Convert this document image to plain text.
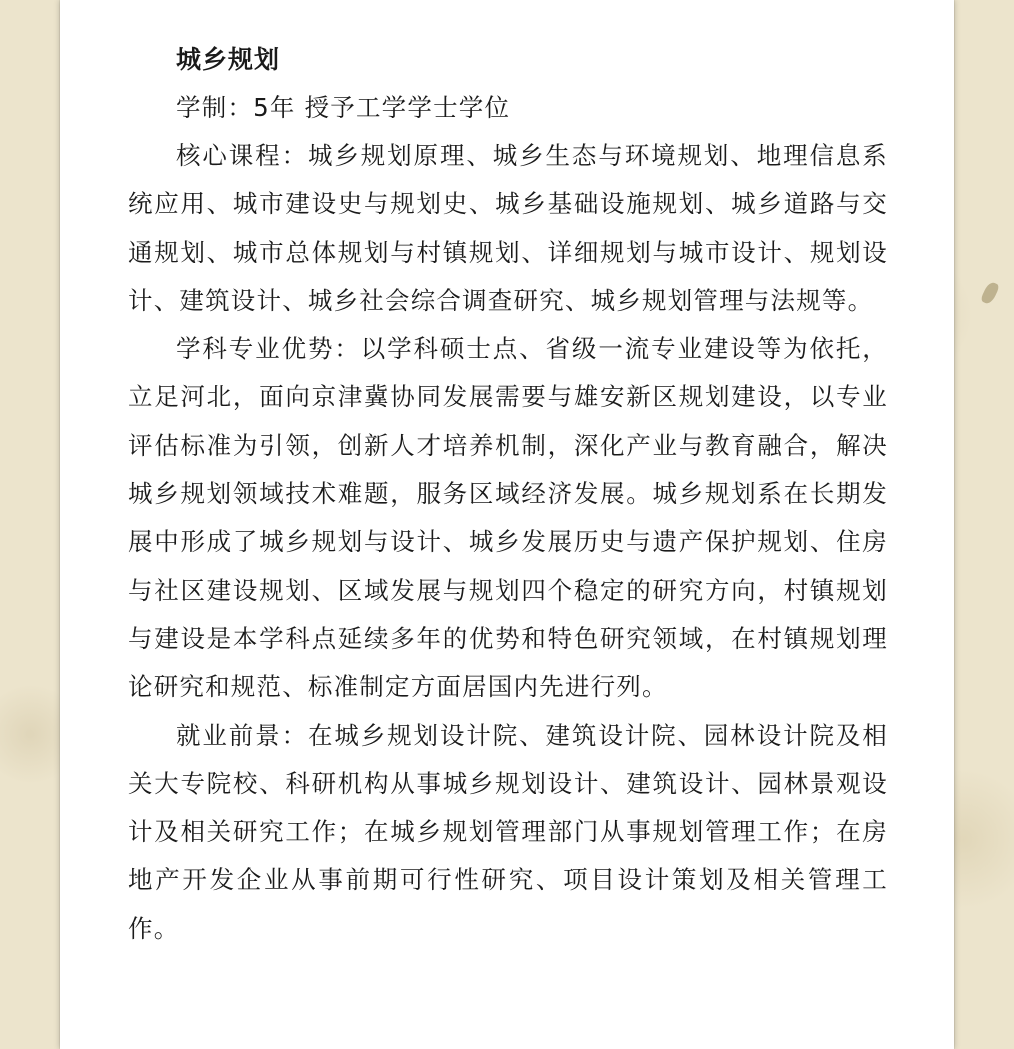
城乡规划
学制：5年 授予工学学士学位

核心课程：城乡规划原理、城乡生态与环境规划、地理信息系统应用、城市建设史与规划史、城乡基础设施规划、城乡道路与交通规划、城市总体规划与村镇规划、详细规划与城市设计、规划设计、建筑设计、城乡社会综合调查研究、城乡规划管理与法规等。

学科专业优势：以学科硕士点、省级一流专业建设等为依托，立足河北，面向京津冀协同发展需要与雄安新区规划建设，以专业评估标准为引领，创新人才培养机制，深化产业与教育融合，解决城乡规划领域技术难题，服务区域经济发展。城乡规划系在长期发展中形成了城乡规划与设计、城乡发展历史与遗产保护规划、住房与社区建设规划、区域发展与规划四个稳定的研究方向，村镇规划与建设是本学科点延续多年的优势和特色研究领域，在村镇规划理论研究和规范、标准制定方面居国内先进行列。

就业前景：在城乡规划设计院、建筑设计院、园林设计院及相关大专院校、科研机构从事城乡规划设计、建筑设计、园林景观设计及相关研究工作；在城乡规划管理部门从事规划管理工作；在房地产开发企业从事前期可行性研究、项目设计策划及相关管理工作。
